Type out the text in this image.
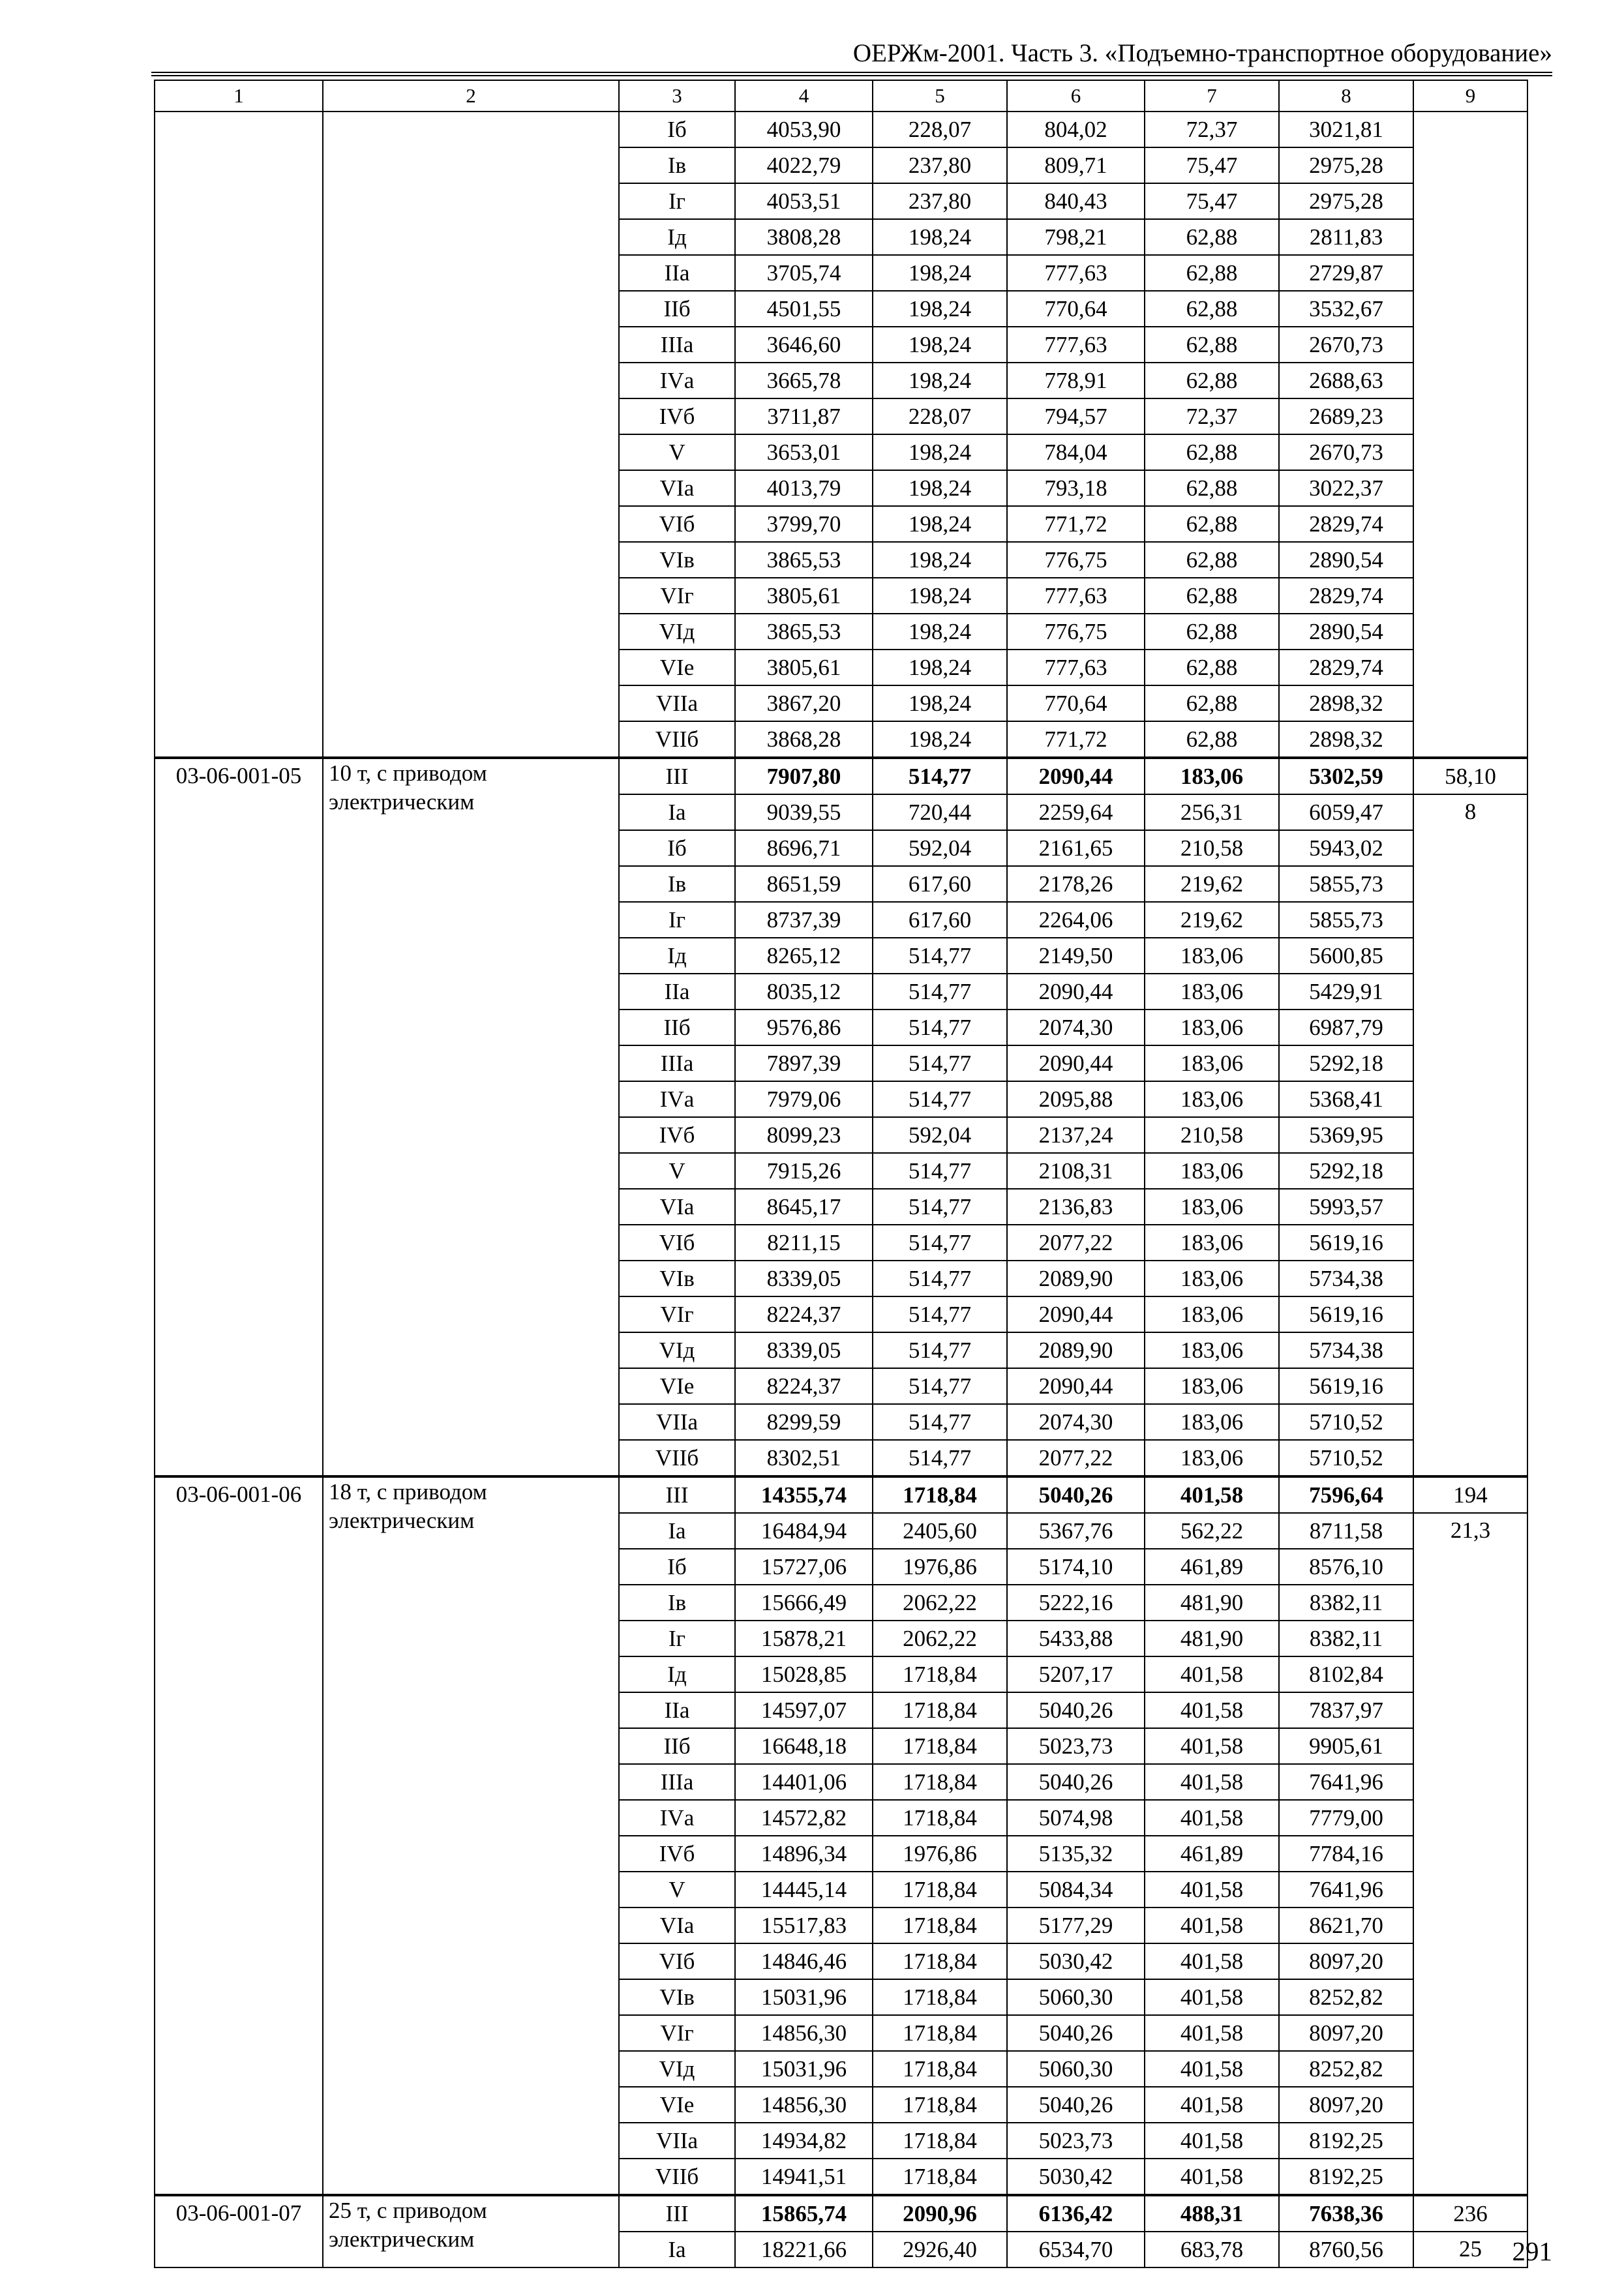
ОЕРЖм-2001. Часть 3. «Подъемно-транспортное оборудование»
1	2	3	4	5	6	7	8	9
		Iб	4053,90	228,07	804,02	72,37	3021,81	
		Iв	4022,79	237,80	809,71	75,47	2975,28	
		Iг	4053,51	237,80	840,43	75,47	2975,28	
		Iд	3808,28	198,24	798,21	62,88	2811,83	
		IIа	3705,74	198,24	777,63	62,88	2729,87	
		IIб	4501,55	198,24	770,64	62,88	3532,67	
		IIIа	3646,60	198,24	777,63	62,88	2670,73	
		IVа	3665,78	198,24	778,91	62,88	2688,63	
		IVб	3711,87	228,07	794,57	72,37	2689,23	
		V	3653,01	198,24	784,04	62,88	2670,73	
		VIа	4013,79	198,24	793,18	62,88	3022,37	
		VIб	3799,70	198,24	771,72	62,88	2829,74	
		VIв	3865,53	198,24	776,75	62,88	2890,54	
		VIг	3805,61	198,24	777,63	62,88	2829,74	
		VIд	3865,53	198,24	776,75	62,88	2890,54	
		VIе	3805,61	198,24	777,63	62,88	2829,74	
		VIIа	3867,20	198,24	770,64	62,88	2898,32	
		VIIб	3868,28	198,24	771,72	62,88	2898,32	
03-06-001-05	10 т, с приводом электрическим	III	7907,80	514,77	2090,44	183,06	5302,59	58,10
		Iа	9039,55	720,44	2259,64	256,31	6059,47	8
		Iб	8696,71	592,04	2161,65	210,58	5943,02	
		Iв	8651,59	617,60	2178,26	219,62	5855,73	
		Iг	8737,39	617,60	2264,06	219,62	5855,73	
		Iд	8265,12	514,77	2149,50	183,06	5600,85	
		IIа	8035,12	514,77	2090,44	183,06	5429,91	
		IIб	9576,86	514,77	2074,30	183,06	6987,79	
		IIIа	7897,39	514,77	2090,44	183,06	5292,18	
		IVа	7979,06	514,77	2095,88	183,06	5368,41	
		IVб	8099,23	592,04	2137,24	210,58	5369,95	
		V	7915,26	514,77	2108,31	183,06	5292,18	
		VIа	8645,17	514,77	2136,83	183,06	5993,57	
		VIб	8211,15	514,77	2077,22	183,06	5619,16	
		VIв	8339,05	514,77	2089,90	183,06	5734,38	
		VIг	8224,37	514,77	2090,44	183,06	5619,16	
		VIд	8339,05	514,77	2089,90	183,06	5734,38	
		VIе	8224,37	514,77	2090,44	183,06	5619,16	
		VIIа	8299,59	514,77	2074,30	183,06	5710,52	
		VIIб	8302,51	514,77	2077,22	183,06	5710,52	
03-06-001-06	18 т, с приводом электрическим	III	14355,74	1718,84	5040,26	401,58	7596,64	194
		Iа	16484,94	2405,60	5367,76	562,22	8711,58	21,3
		Iб	15727,06	1976,86	5174,10	461,89	8576,10	
		Iв	15666,49	2062,22	5222,16	481,90	8382,11	
		Iг	15878,21	2062,22	5433,88	481,90	8382,11	
		Iд	15028,85	1718,84	5207,17	401,58	8102,84	
		IIа	14597,07	1718,84	5040,26	401,58	7837,97	
		IIб	16648,18	1718,84	5023,73	401,58	9905,61	
		IIIа	14401,06	1718,84	5040,26	401,58	7641,96	
		IVа	14572,82	1718,84	5074,98	401,58	7779,00	
		IVб	14896,34	1976,86	5135,32	461,89	7784,16	
		V	14445,14	1718,84	5084,34	401,58	7641,96	
		VIа	15517,83	1718,84	5177,29	401,58	8621,70	
		VIб	14846,46	1718,84	5030,42	401,58	8097,20	
		VIв	15031,96	1718,84	5060,30	401,58	8252,82	
		VIг	14856,30	1718,84	5040,26	401,58	8097,20	
		VIд	15031,96	1718,84	5060,30	401,58	8252,82	
		VIе	14856,30	1718,84	5040,26	401,58	8097,20	
		VIIа	14934,82	1718,84	5023,73	401,58	8192,25	
		VIIб	14941,51	1718,84	5030,42	401,58	8192,25	
03-06-001-07	25 т, с приводом электрическим	III	15865,74	2090,96	6136,42	488,31	7638,36	236
		Iа	18221,66	2926,40	6534,70	683,78	8760,56	25 291
